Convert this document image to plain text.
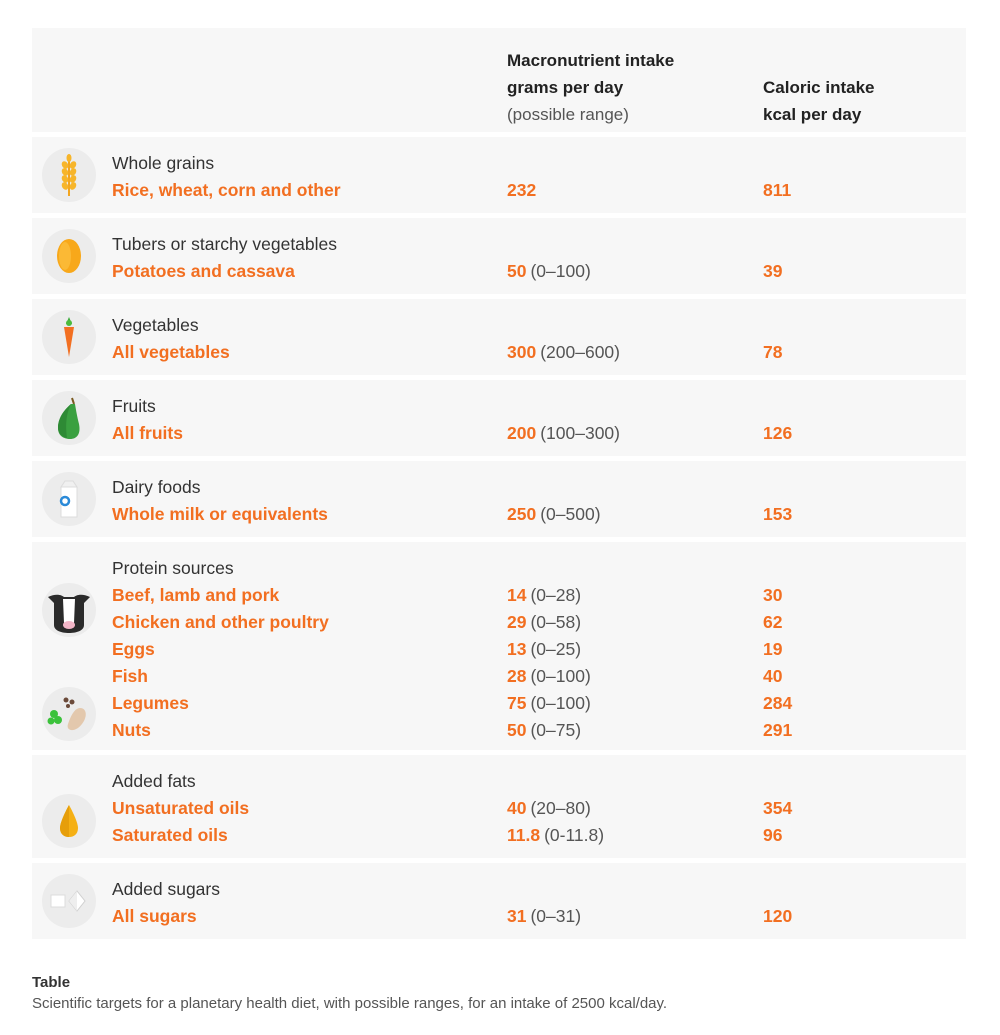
Macronutrient intake
grams per day
(possible range)
Caloric intake
kcal per day
Whole grains
Rice, wheat, corn and other	232	811
Tubers or starchy vegetables
Potatoes and cassava	50 (0–100)	39
Vegetables
All vegetables	300 (200–600)	78
Fruits
All fruits	200 (100–300)	126
Dairy foods
Whole milk or equivalents	250 (0–500)	153
Protein sources
Beef, lamb and pork	14 (0–28)	30
Chicken and other poultry	29 (0–58)	62
Eggs	13 (0–25)	19
Fish	28 (0–100)	40
Legumes	75 (0–100)	284
Nuts	50 (0–75)	291
Added fats
Unsaturated oils	40 (20–80)	354
Saturated oils	11.8 (0-11.8)	96
Added sugars
All sugars	31 (0–31)	120
Table
Scientific targets for a planetary health diet, with possible ranges, for an intake of 2500 kcal/day.
